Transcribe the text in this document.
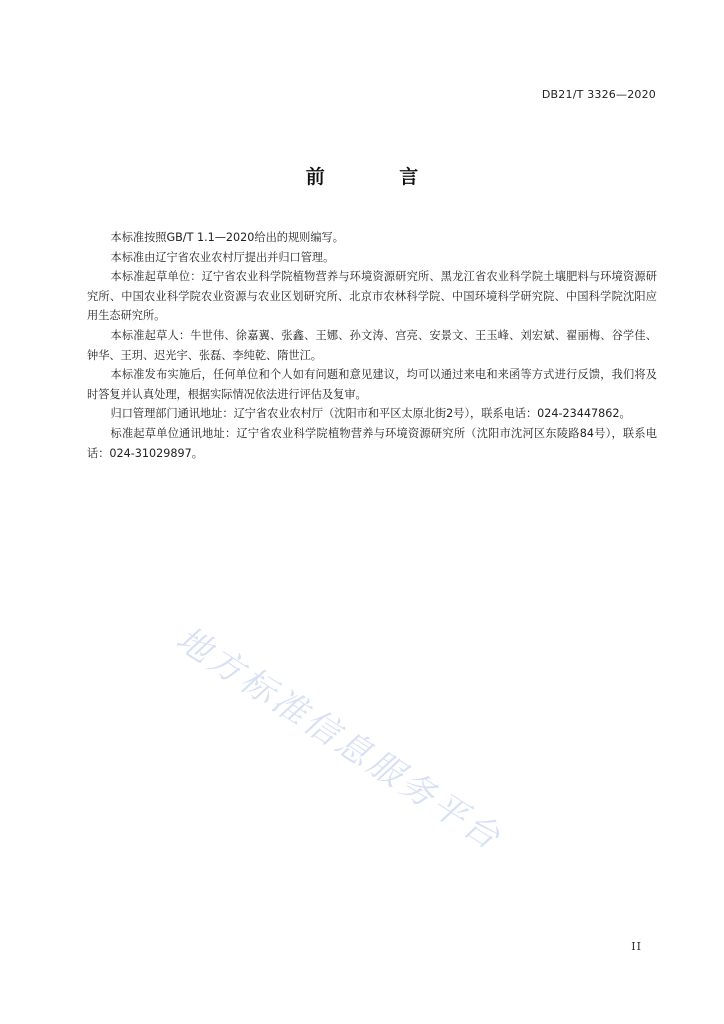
DB21/T 3326—2020
前 言

本标准按照GB/T 1.1—2020给出的规则编写。

本标准由辽宁省农业农村厅提出并归口管理。

本标准起草单位：辽宁省农业科学院植物营养与环境资源研究所、黑龙江省农业科学院土壤肥料与环境资源研究所、中国农业科学院农业资源与农业区划研究所、北京市农林科学院、中国环境科学研究院、中国科学院沈阳应用生态研究所。

本标准起草人：牛世伟、徐嘉翼、张鑫、王娜、孙文涛、宫亮、安景文、王玉峰、刘宏斌、翟丽梅、谷学佳、钟华、王玥、迟光宇、张磊、李纯乾、隋世江。

本标准发布实施后，任何单位和个人如有问题和意见建议，均可以通过来电和来函等方式进行反馈，我们将及时答复并认真处理，根据实际情况依法进行评估及复审。

归口管理部门通讯地址：辽宁省农业农村厅（沈阳市和平区太原北街2号），联系电话：024-23447862。

标准起草单位通讯地址：辽宁省农业科学院植物营养与环境资源研究所（沈阳市沈河区东陵路84号），联系电话：024-31029897。

地方标准信息服务平台
II
